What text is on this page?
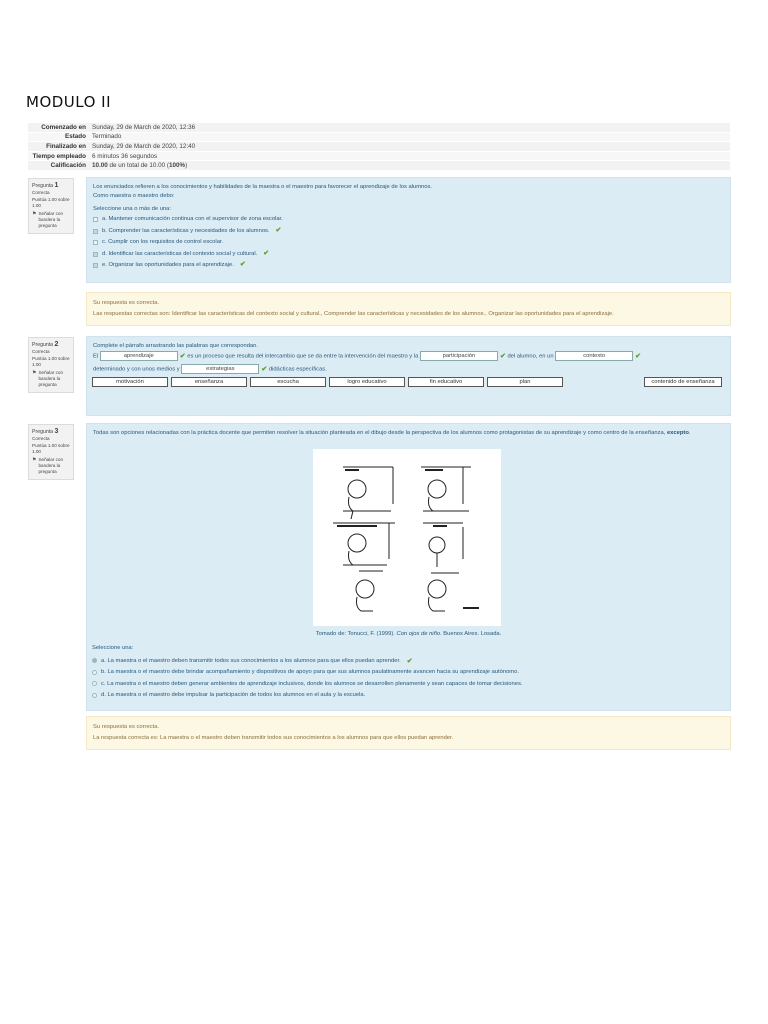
MODULO II
Comenzado en Sunday, 29 de March de 2020, 12:36
Estado Terminado
Finalizado en Sunday, 29 de March de 2020, 12:40
Tiempo empleado 6 minutos 36 segundos
Calificación 10.00 de un total de 10.00 (100%)
Pregunta 1
Correcta
Puntúa 1.00 sobre 1.00
⚑ Señalar con bandera la pregunta
Los enunciados refieren a los conocimientos y habilidades de la maestra o el maestro para favorecer el aprendizaje de los alumnos.
Como maestra o maestro debo:
Seleccione una o más de una:
a. Mantener comunicación continua con el supervisor de zona escolar.
b. Comprender las características y necesidades de los alumnos. ✔
c. Cumplir con los requisitos de control escolar.
d. Identificar las características del contexto social y cultural. ✔
e. Organizar las oportunidades para el aprendizaje. ✔
Su respuesta es correcta.
Las respuestas correctas son: Identificar las características del contexto social y cultural., Comprender las características y necesidades de los alumnos., Organizar las oportunidades para el aprendizaje.
Pregunta 2
Correcta
Puntúa 1.00 sobre 1.00
⚑ Señalar con bandera la pregunta
Complete el párrafo arrastrando las palabras que correspondan.
El	aprendizaje	✔ es un proceso que resulta del intercambio que se da entre la intervención del maestro y la	participación	✔ del alumno, en un	contexto	✔
determinado y con unos medios y	estrategias	✔ didácticas específicas.
motivación	enseñanza	escucha	logro educativo	fin educativo	plan	contenido de enseñanza
Pregunta 3
Correcta
Puntúa 1.00 sobre 1.00
⚑ Señalar con bandera la pregunta
Todas son opciones relacionadas con la práctica docente que permiten resolver la situación planteada en el dibujo desde la perspectiva de los alumnos como protagonistas de su aprendizaje y como centro de la enseñanza, excepto.
Tomado de: Tonucci, F. (1999). Con ojos de niño. Buenos Aires. Losada.
Seleccione una:
a. La maestra o el maestro deben transmitir todos sus conocimientos a los alumnos para que ellos puedan aprender. ✔
b. La maestra o el maestro debe brindar acompañamiento y dispositivos de apoyo para que sus alumnos paulatinamente avancen hacia su aprendizaje autónomo.
c. La maestra o el maestro deben generar ambientes de aprendizaje inclusivos, donde los alumnos se desarrollen plenamente y sean capaces de tomar decisiones.
d. La maestra o el maestro debe impulsar la participación de todos los alumnos en el aula y la escuela.
Su respuesta es correcta.
La respuesta correcta es: La maestra o el maestro deben transmitir todos sus conocimientos a los alumnos para que ellos puedan aprender.
